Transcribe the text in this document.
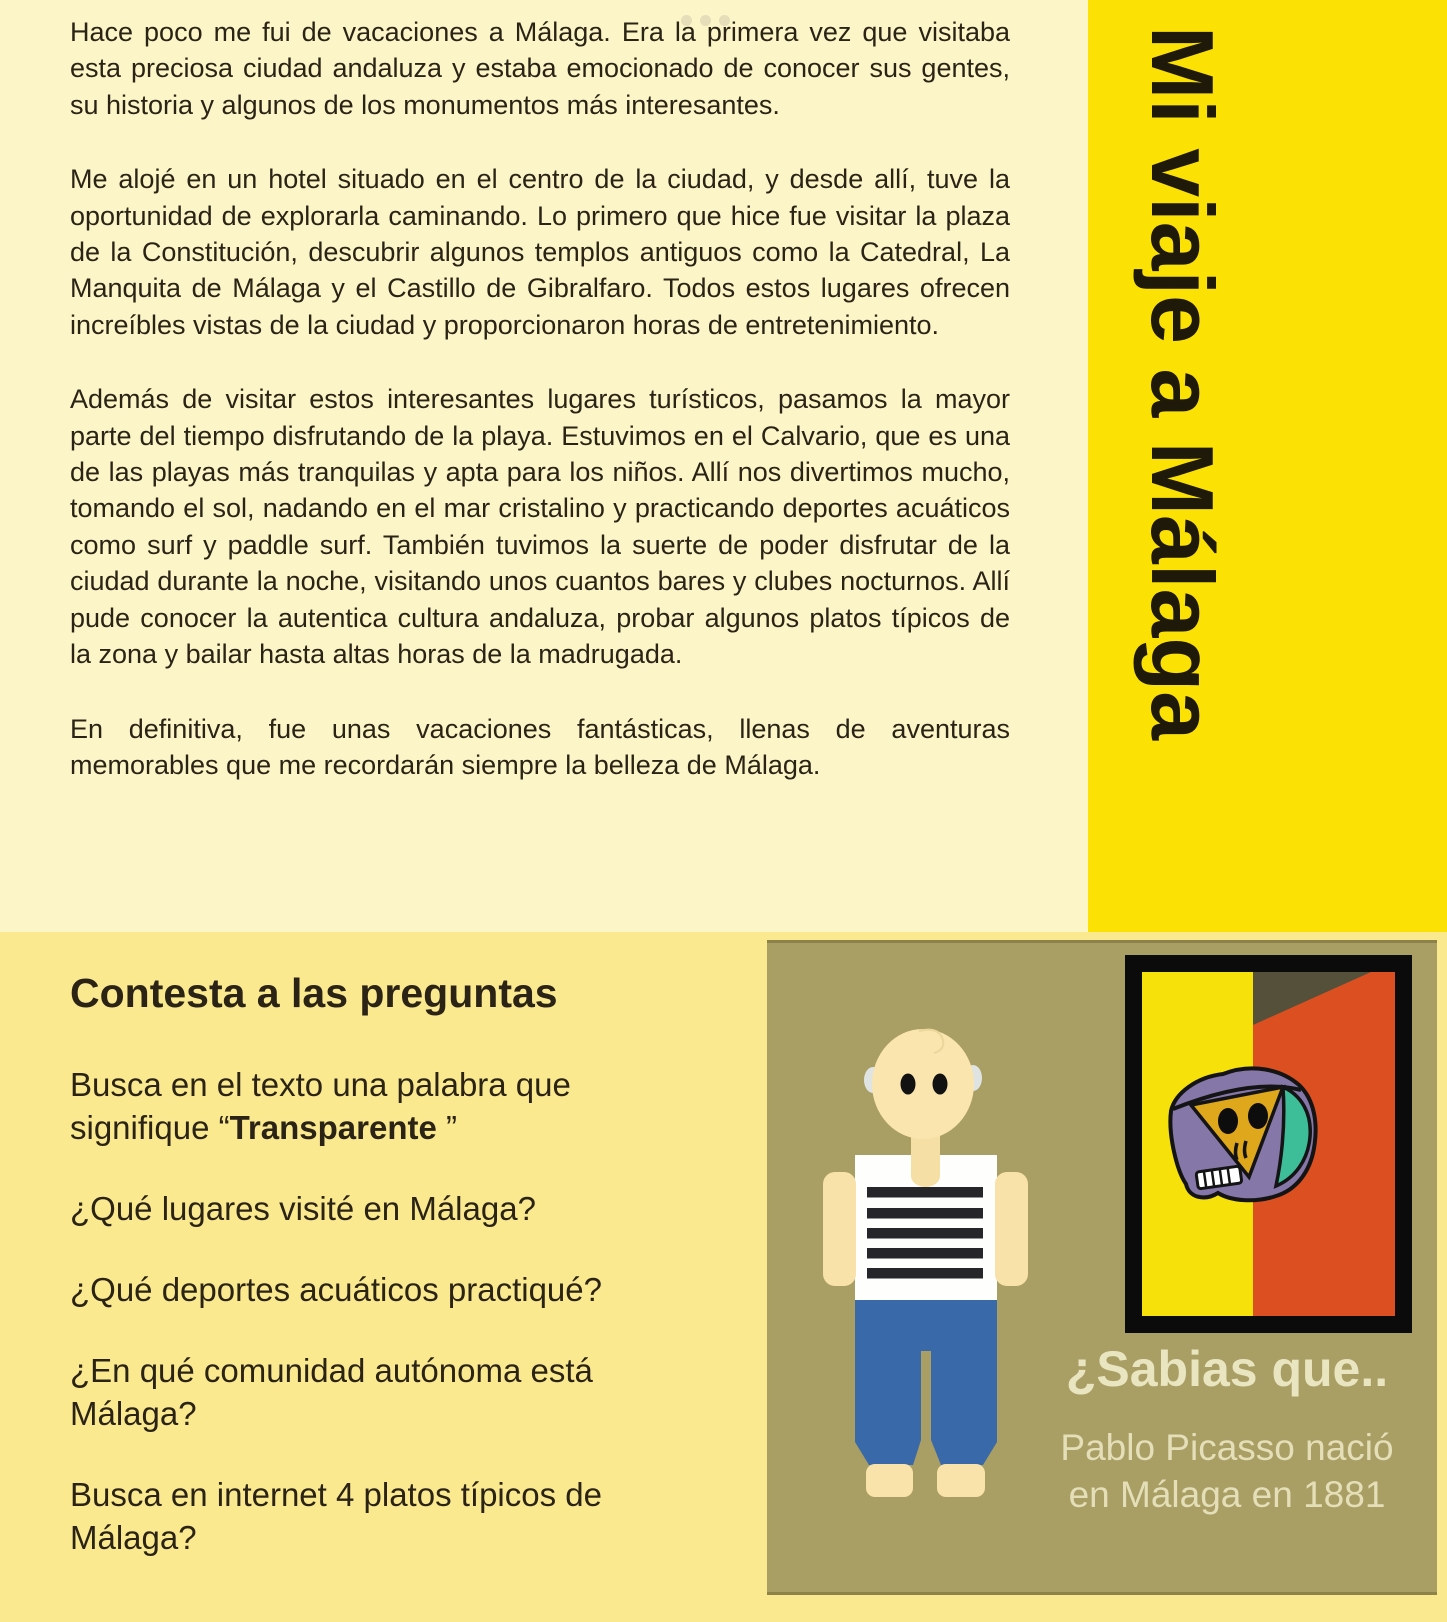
Hace poco me fui de vacaciones a Málaga. Era la primera vez que visitaba esta preciosa ciudad andaluza y estaba emocionado de conocer sus gentes, su historia y algunos de los monumentos más interesantes.

Me alojé en un hotel situado en el centro de la ciudad, y desde allí, tuve la oportunidad de explorarla caminando. Lo primero que hice fue visitar la plaza de la Constitución, descubrir algunos templos antiguos como la Catedral, La Manquita de Málaga y el Castillo de Gibralfaro. Todos estos lugares ofrecen increíbles vistas de la ciudad y proporcionaron horas de entretenimiento.

Además de visitar estos interesantes lugares turísticos, pasamos la mayor parte del tiempo disfrutando de la playa. Estuvimos en el Calvario, que es una de las playas más tranquilas y apta para los niños. Allí nos divertimos mucho, tomando el sol, nadando en el mar cristalino y practicando deportes acuáticos como surf y paddle surf. También tuvimos la suerte de poder disfrutar de la ciudad durante la noche, visitando unos cuantos bares y clubes nocturnos. Allí pude conocer la autentica cultura andaluza, probar algunos platos típicos de la zona y bailar hasta altas horas de la madrugada.

En definitiva, fue unas vacaciones fantásticas, llenas de aventuras memorables que me recordarán siempre la belleza de Málaga.

Mi viaje a Málaga
Contesta a las preguntas

Busca en el texto una palabra que signifique “Transparente ”

¿Qué lugares visité en Málaga?

¿Qué deportes acuáticos practiqué?

¿En qué comunidad autónoma está Málaga?

Busca en internet 4 platos típicos de Málaga?

¿Sabias que..

Pablo Picasso nació

en Málaga en 1881
